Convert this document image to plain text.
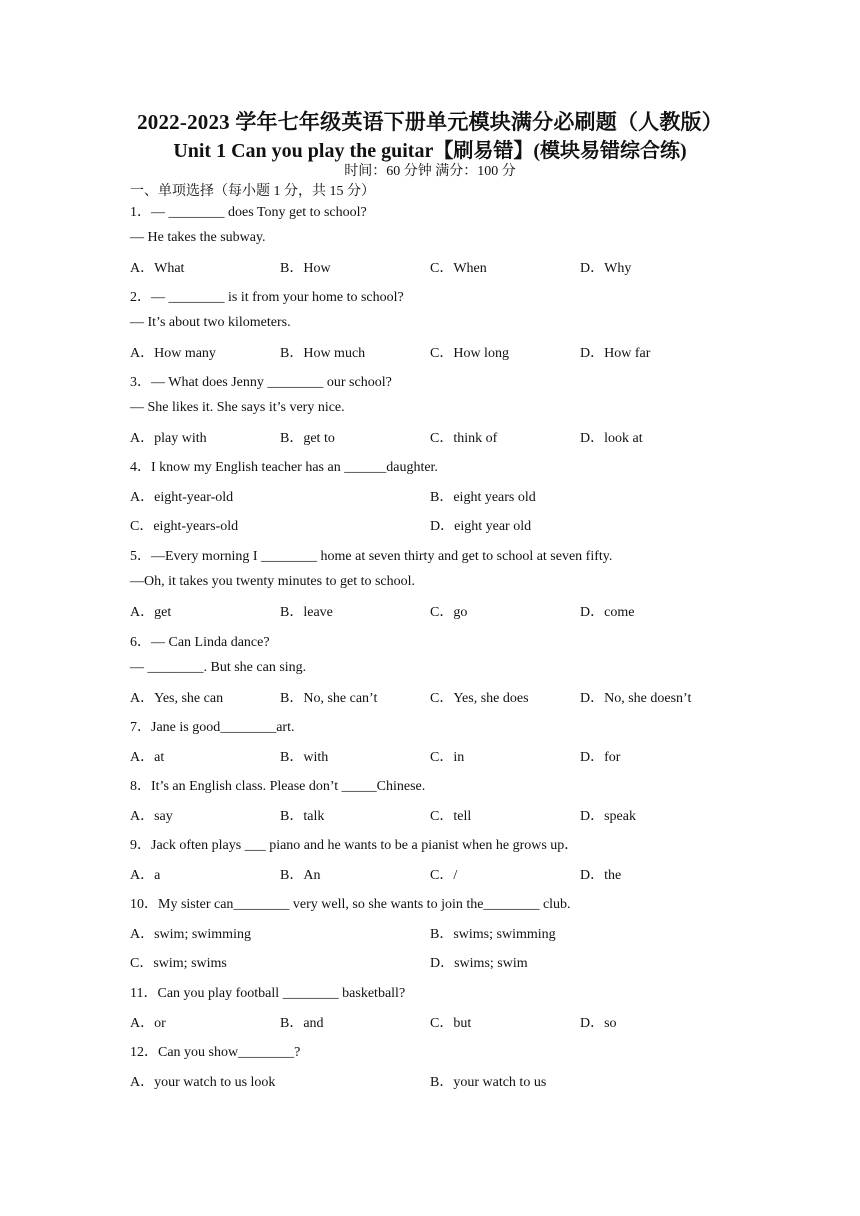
2022-2023 学年七年级英语下册单元模块满分必刷题（人教版）
Unit 1 Can you play the guitar【刷易错】(模块易错综合练)
时间：60 分钟 满分：100 分
一、单项选择（每小题 1 分，共 15 分）
1．— ________ does Tony get to school?
— He takes the subway.
A．What	B．How	C．When	D．Why
2．— ________ is it from your home to school?
— It’s about two kilometers.
A．How many	B．How much	C．How long	D．How far
3．— What does Jenny ________ our school?
— She likes it. She says it’s very nice.
A．play with	B．get to	C．think of	D．look at
4．I know my English teacher has an ______daughter.
A．eight-year-old	B．eight years old
C．eight-years-old	D．eight year old
5．—Every morning I ________ home at seven thirty and get to school at seven fifty.
—Oh, it takes you twenty minutes to get to school.
A．get	B．leave	C．go	D．come
6．— Can Linda dance?
— ________. But she can sing.
A．Yes, she can	B．No, she can’t	C．Yes, she does	D．No, she doesn’t
7．Jane is good________art.
A．at	B．with	C．in	D．for
8．It’s an English class. Please don’t _____Chinese.
A．say	B．talk	C．tell	D．speak
9．Jack often plays ___ piano and he wants to be a pianist when he grows up．
A．a	B．An	C．/	D．the
10．My sister can________ very well, so she wants to join the________ club.
A．swim; swimming	B．swims; swimming
C．swim; swims	D．swims; swim
11．Can you play football ________ basketball?
A．or	B．and	C．but	D．so
12．Can you show________?
A．your watch to us look	B．your watch to us
